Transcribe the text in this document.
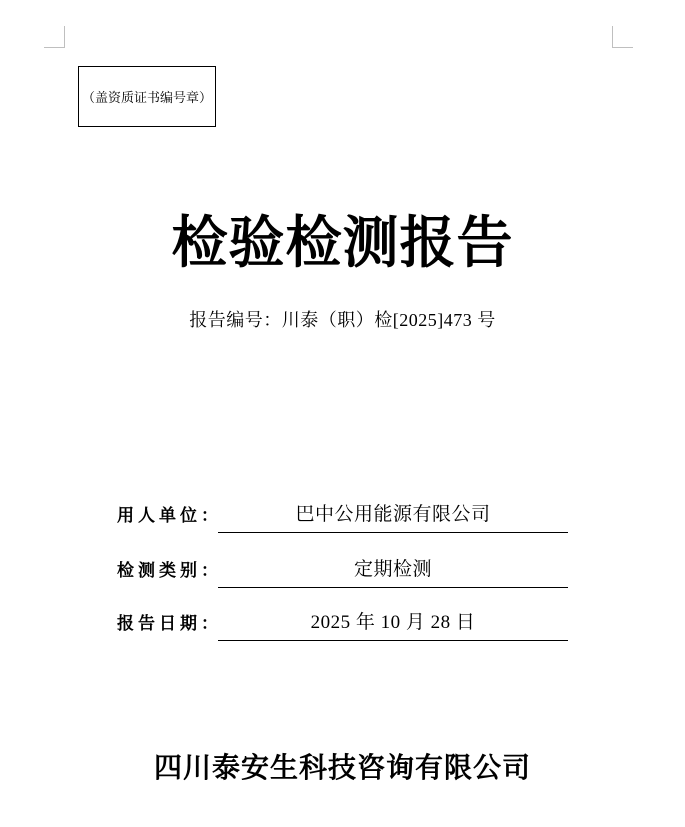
（盖资质证书编号章）
检验检测报告
报告编号：川泰（职）检[2025]473 号
用人单位：	巴中公用能源有限公司
检测类别：	定期检测
报告日期：	2025 年 10 月 28 日
四川泰安生科技咨询有限公司
